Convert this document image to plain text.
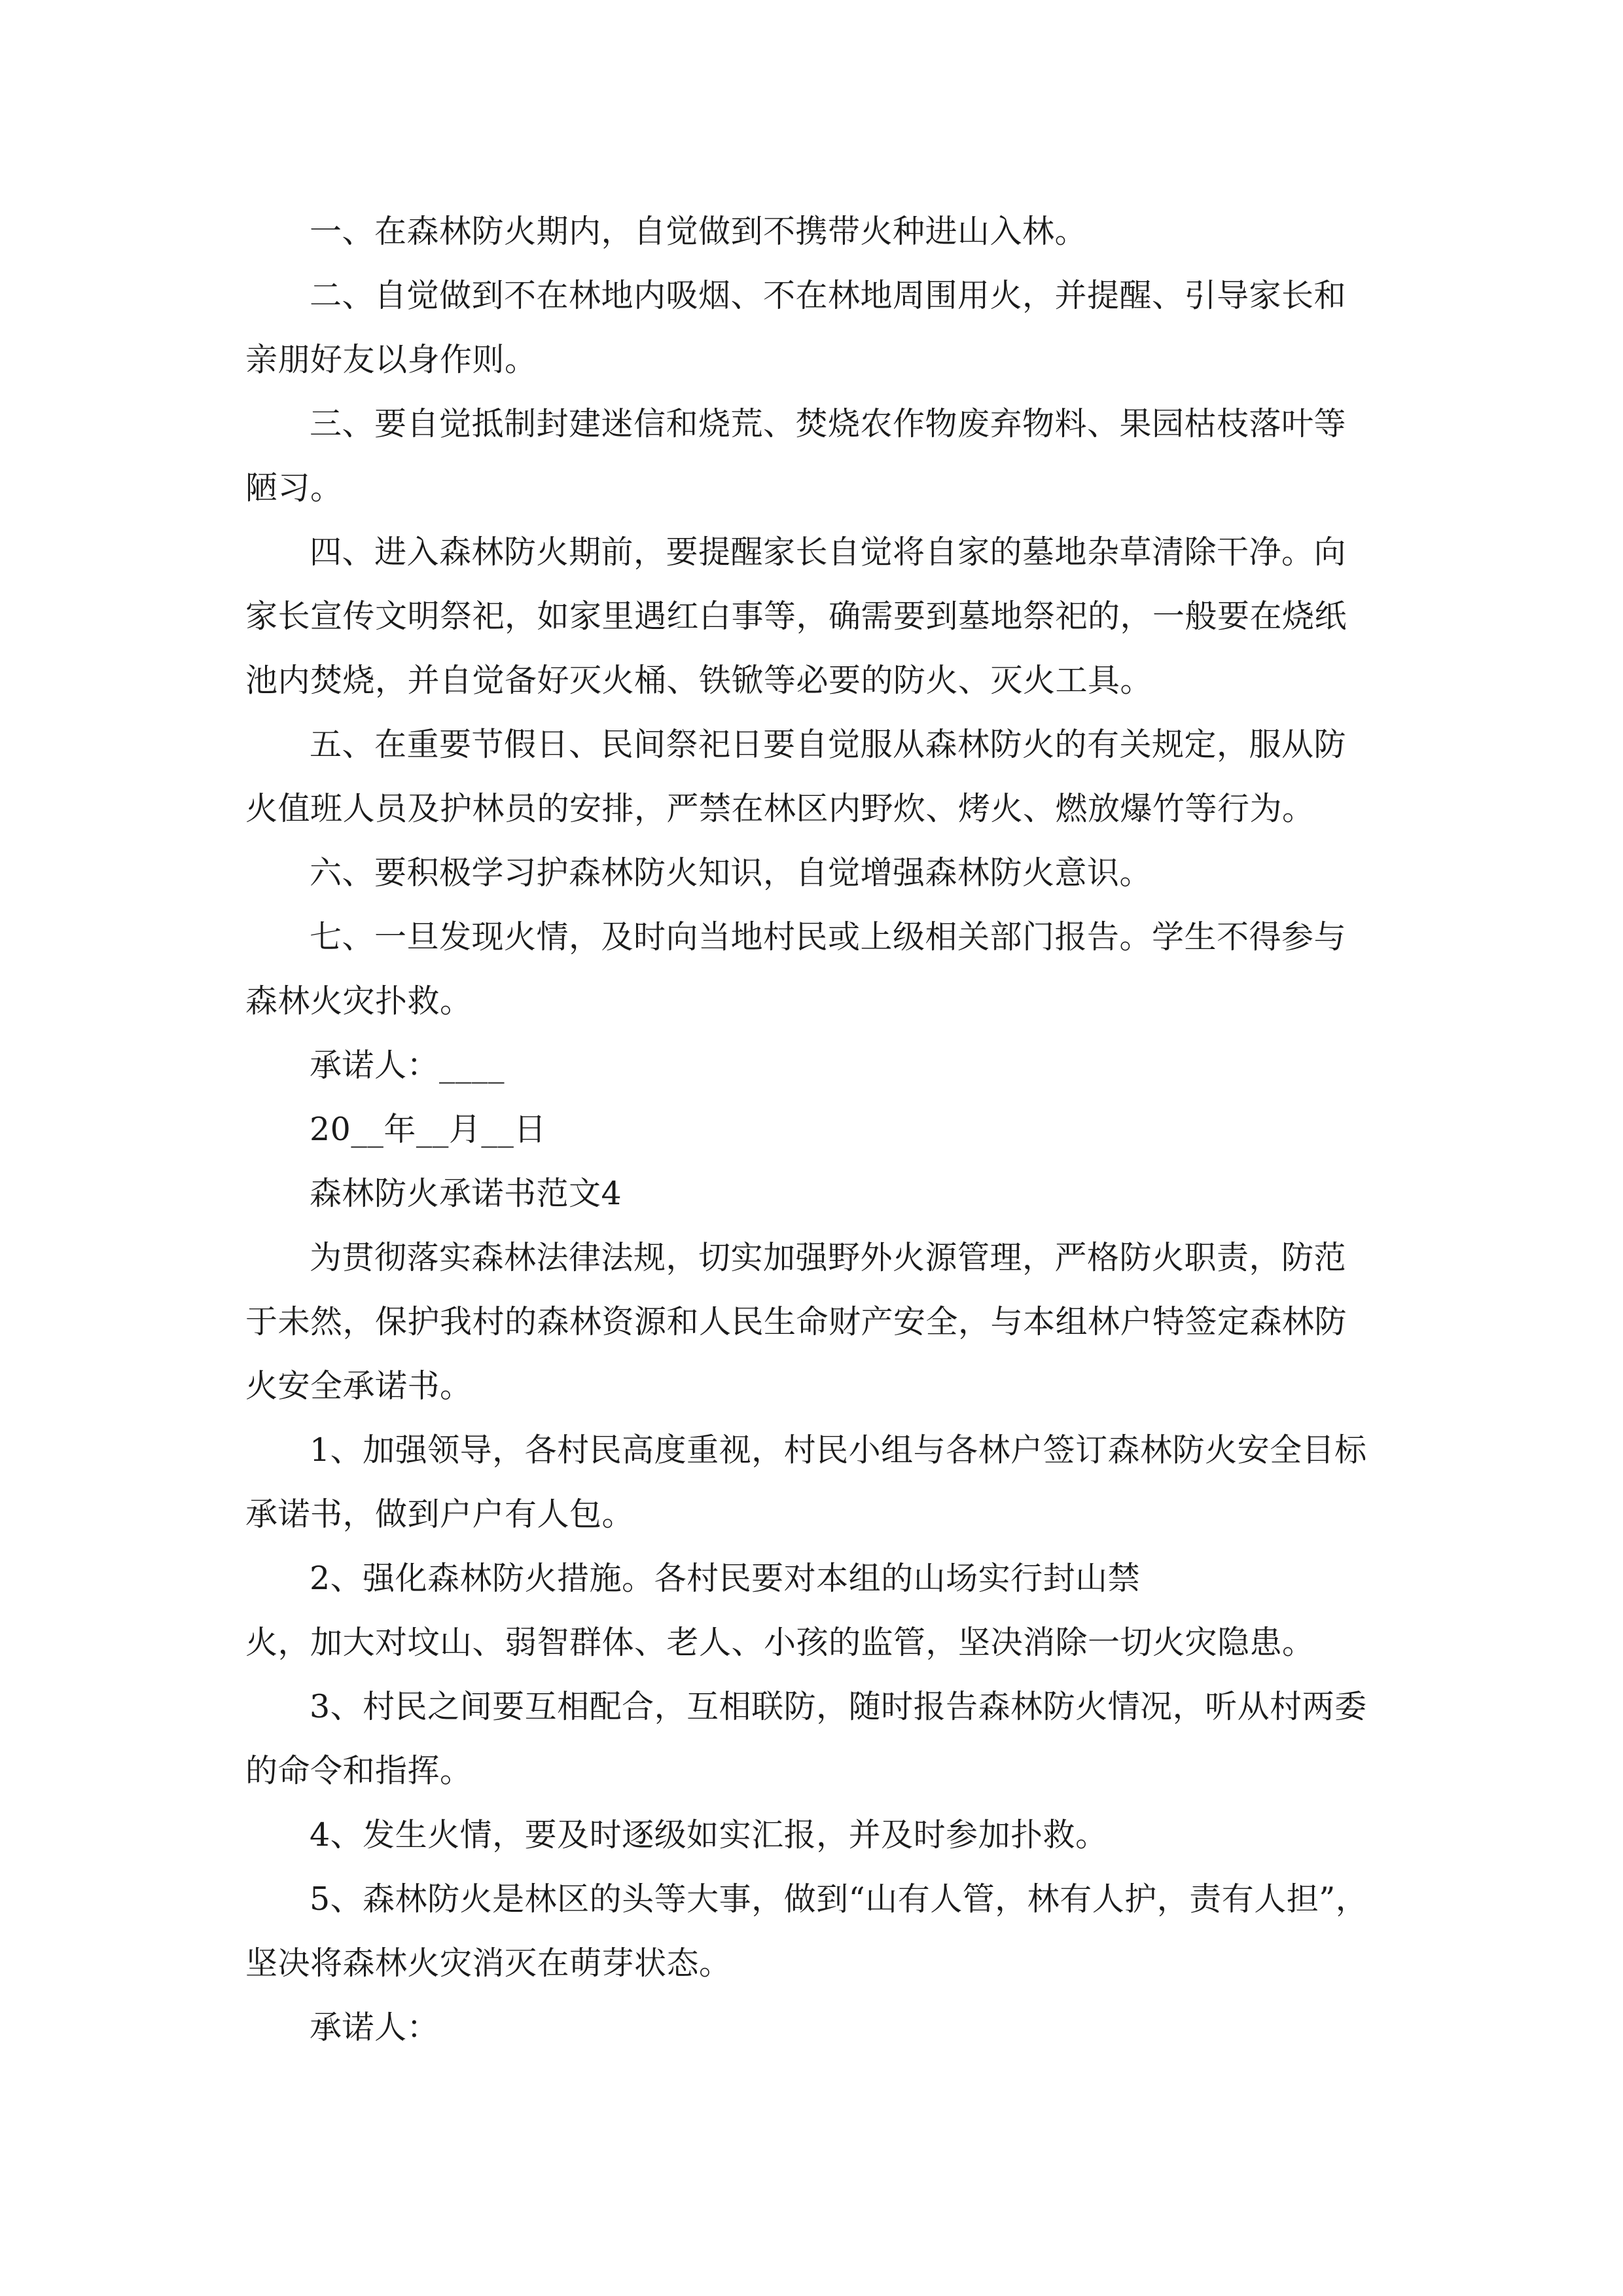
一、在森林防火期内，自觉做到不携带火种进山入林。

二、自觉做到不在林地内吸烟、不在林地周围用火，并提醒、引导家长和亲朋好友以身作则。

三、要自觉抵制封建迷信和烧荒、焚烧农作物废弃物料、果园枯枝落叶等陋习。

四、进入森林防火期前，要提醒家长自觉将自家的墓地杂草清除干净。向家长宣传文明祭祀，如家里遇红白事等，确需要到墓地祭祀的，一般要在烧纸池内焚烧，并自觉备好灭火桶、铁锨等必要的防火、灭火工具。

五、在重要节假日、民间祭祀日要自觉服从森林防火的有关规定，服从防火值班人员及护林员的安排，严禁在林区内野炊、烤火、燃放爆竹等行为。

六、要积极学习护森林防火知识，自觉增强森林防火意识。

七、一旦发现火情，及时向当地村民或上级相关部门报告。学生不得参与森林火灾扑救。

承诺人：____

20__年__月__日

森林防火承诺书范文4

为贯彻落实森林法律法规，切实加强野外火源管理，严格防火职责，防范于未然，保护我村的森林资源和人民生命财产安全，与本组林户特签定森林防火安全承诺书。

1、加强领导，各村民高度重视，村民小组与各林户签订森林防火安全目标承诺书，做到户户有人包。

2、强化森林防火措施。各村民要对本组的山场实行封山禁

火，加大对坟山、弱智群体、老人、小孩的监管，坚决消除一切火灾隐患。

3、村民之间要互相配合，互相联防，随时报告森林防火情况，听从村两委的命令和指挥。

4、发生火情，要及时逐级如实汇报，并及时参加扑救。

5、森林防火是林区的头等大事，做到“山有人管，林有人护，责有人担”，坚决将森林火灾消灭在萌芽状态。

承诺人：
